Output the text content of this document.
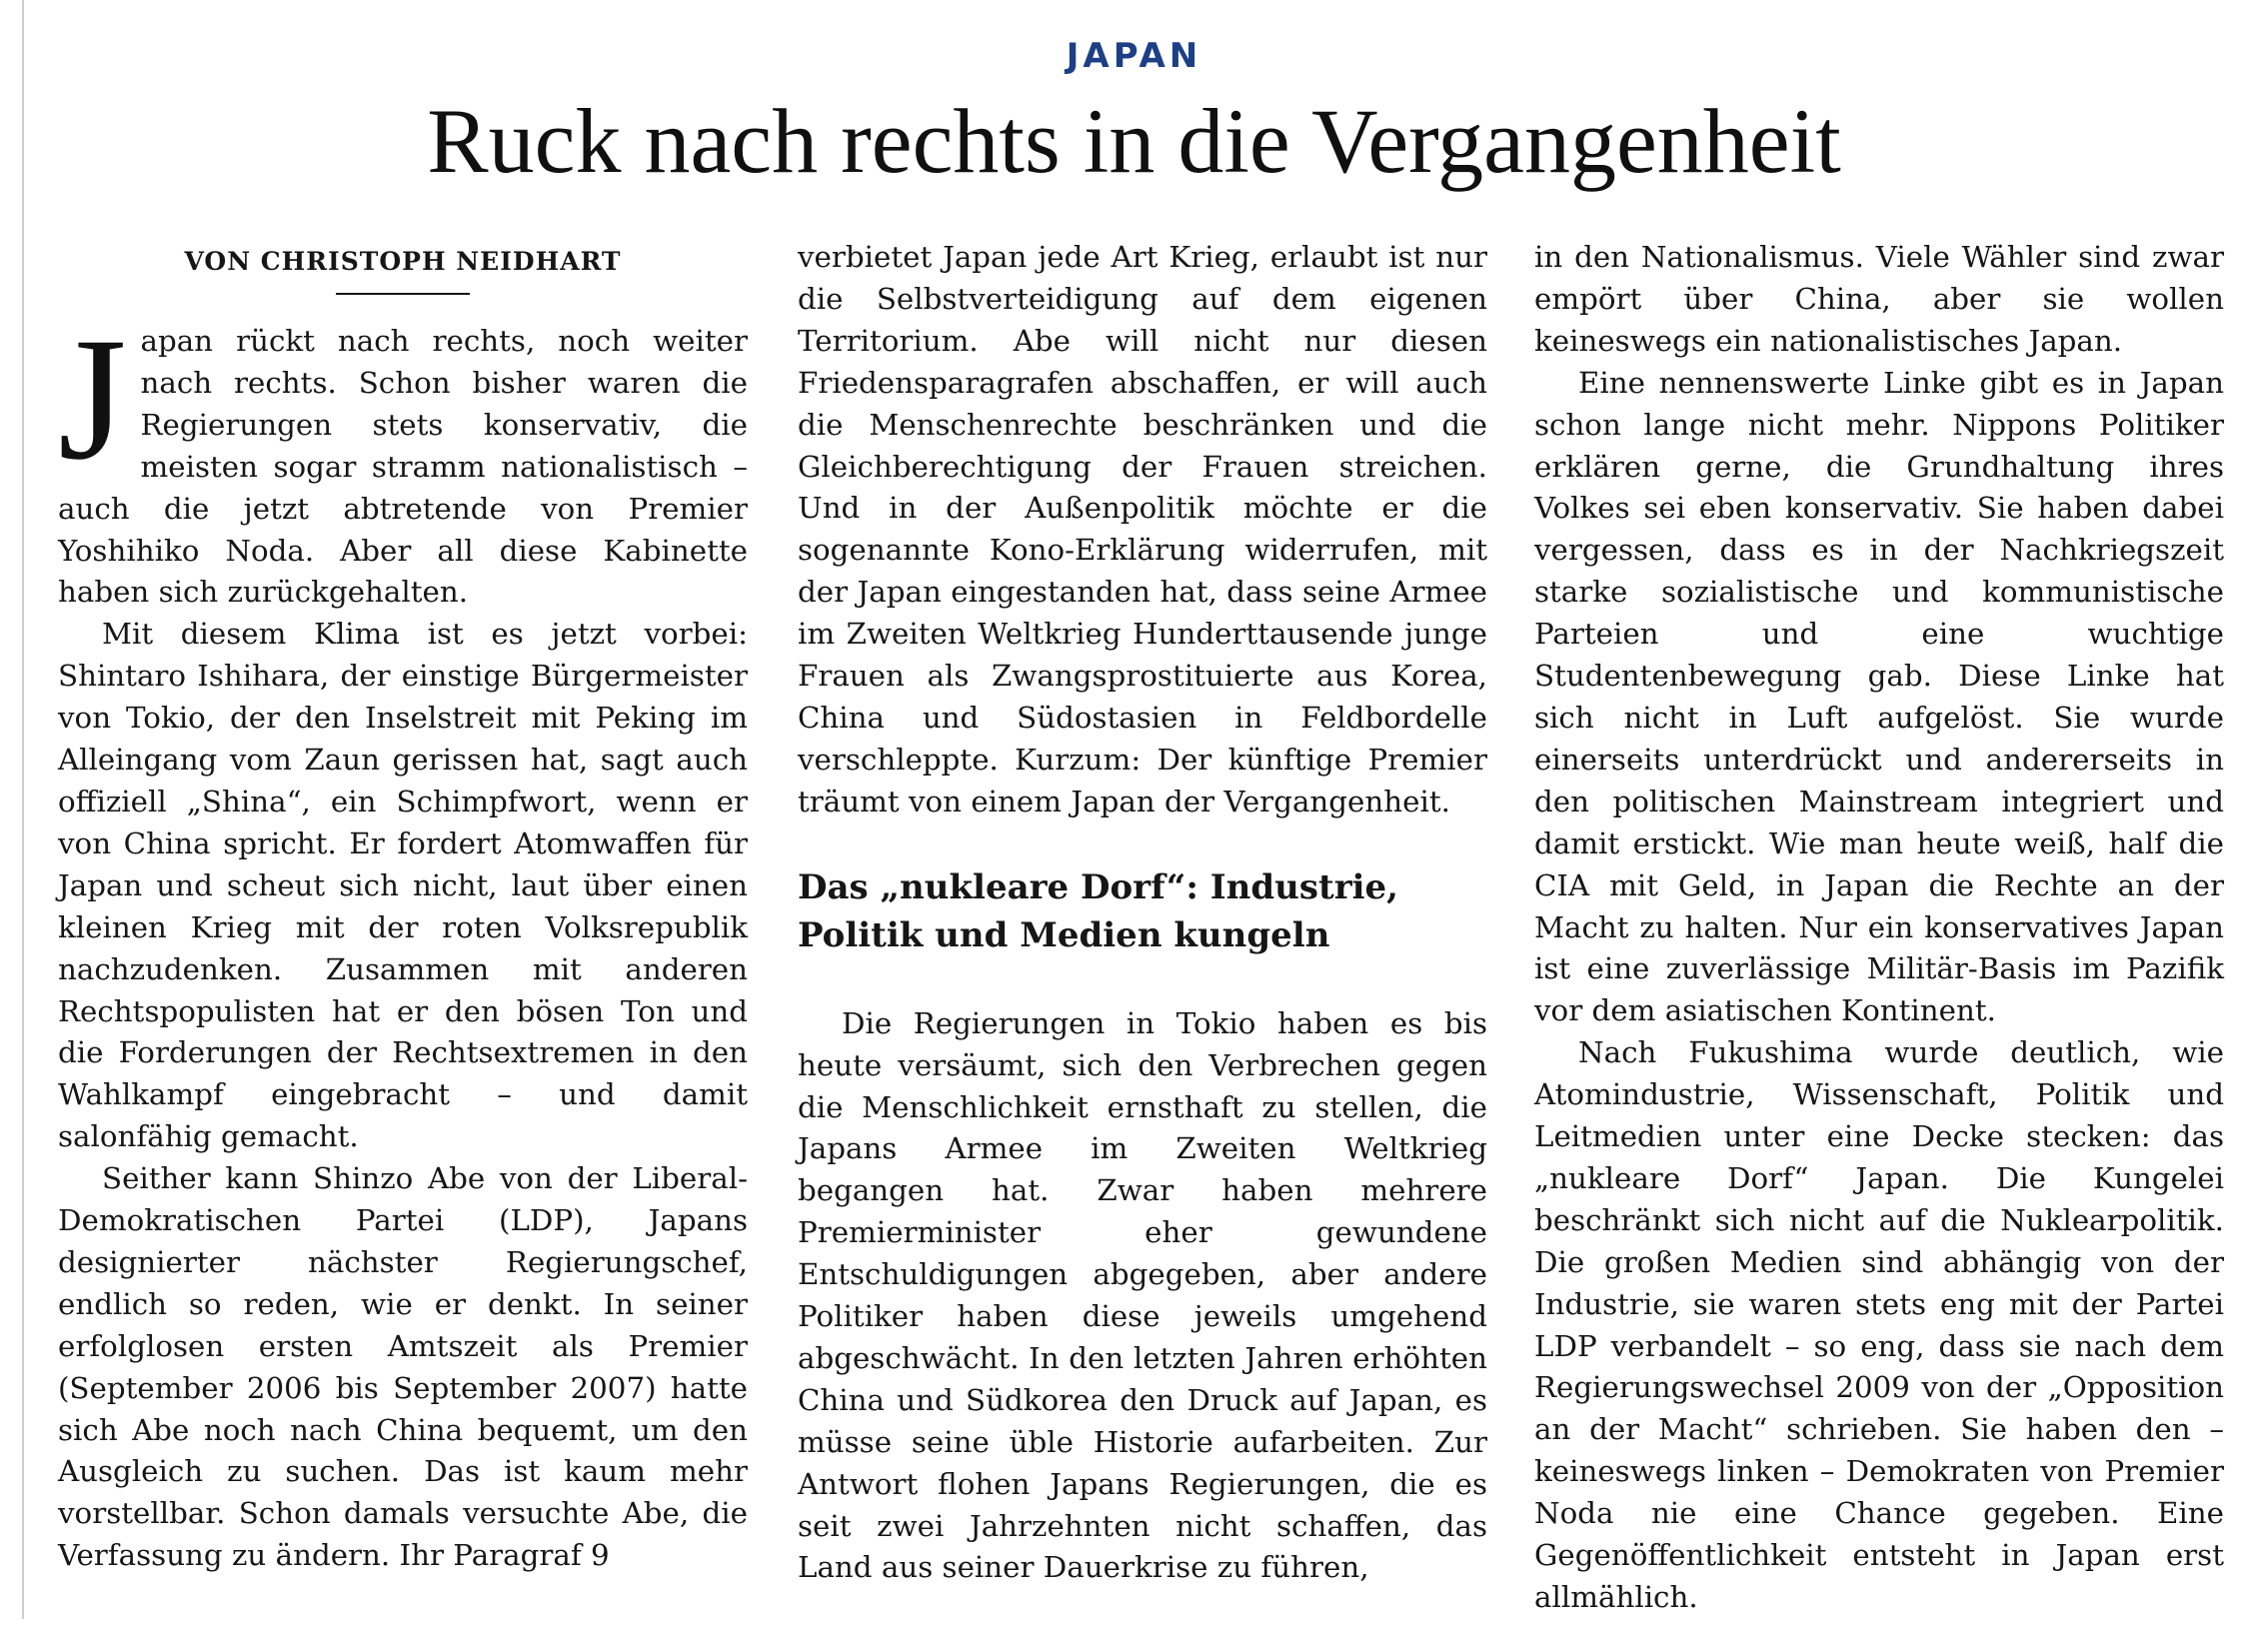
JAPAN
Ruck nach rechts in die Vergangenheit
VON CHRISTOPH NEIDHART

Japan rückt nach rechts, noch weiter nach rechts. Schon bisher waren die Regierungen stets konservativ, die meisten sogar stramm nationalistisch – auch die jetzt abtretende von Premier Yoshihiko Noda. Aber all diese Kabinette haben sich zurückgehalten.

Mit diesem Klima ist es jetzt vorbei: Shintaro Ishihara, der einstige Bürgermeister von Tokio, der den Inselstreit mit Peking im Alleingang vom Zaun gerissen hat, sagt auch offiziell „Shina“, ein Schimpfwort, wenn er von China spricht. Er fordert Atomwaffen für Japan und scheut sich nicht, laut über einen kleinen Krieg mit der roten Volksrepublik nachzudenken. Zusammen mit anderen Rechtspopulisten hat er den bösen Ton und die Forderungen der Rechtsextremen in den Wahlkampf eingebracht – und damit salonfähig gemacht.

Seither kann Shinzo Abe von der Liberal-Demokratischen Partei (LDP), Japans designierter nächster Regierungschef, endlich so reden, wie er denkt. In seiner erfolglosen ersten Amtszeit als Premier (September 2006 bis September 2007) hatte sich Abe noch nach China bequemt, um den Ausgleich zu suchen. Das ist kaum mehr vorstellbar. Schon damals versuchte Abe, die Verfassung zu ändern. Ihr Paragraf 9

verbietet Japan jede Art Krieg, erlaubt ist nur die Selbstverteidigung auf dem eigenen Territorium. Abe will nicht nur diesen Friedensparagrafen abschaffen, er will auch die Menschenrechte beschränken und die Gleichberechtigung der Frauen streichen. Und in der Außenpolitik möchte er die sogenannte Kono-Erklärung widerrufen, mit der Japan eingestanden hat, dass seine Armee im Zweiten Weltkrieg Hunderttausende junge Frauen als Zwangsprostituierte aus Korea, China und Südostasien in Feldbordelle verschleppte. Kurzum: Der künftige Premier träumt von einem Japan der Vergangenheit.

Das „nukleare Dorf“: Industrie, Politik und Medien kungeln

Die Regierungen in Tokio haben es bis heute versäumt, sich den Verbrechen gegen die Menschlichkeit ernsthaft zu stellen, die Japans Armee im Zweiten Weltkrieg begangen hat. Zwar haben mehrere Premierminister eher gewundene Entschuldigungen abgegeben, aber andere Politiker haben diese jeweils umgehend abgeschwächt. In den letzten Jahren erhöhten China und Südkorea den Druck auf Japan, es müsse seine üble Historie aufarbeiten. Zur Antwort flohen Japans Regierungen, die es seit zwei Jahrzehnten nicht schaffen, das Land aus seiner Dauerkrise zu führen,

in den Nationalismus. Viele Wähler sind zwar empört über China, aber sie wollen keineswegs ein nationalistisches Japan.

Eine nennenswerte Linke gibt es in Japan schon lange nicht mehr. Nippons Politiker erklären gerne, die Grundhaltung ihres Volkes sei eben konservativ. Sie haben dabei vergessen, dass es in der Nachkriegszeit starke sozialistische und kommunistische Parteien und eine wuchtige Studentenbewegung gab. Diese Linke hat sich nicht in Luft aufgelöst. Sie wurde einerseits unterdrückt und andererseits in den politischen Mainstream integriert und damit erstickt. Wie man heute weiß, half die CIA mit Geld, in Japan die Rechte an der Macht zu halten. Nur ein konservatives Japan ist eine zuverlässige Militär-Basis im Pazifik vor dem asiatischen Kontinent.

Nach Fukushima wurde deutlich, wie Atomindustrie, Wissenschaft, Politik und Leitmedien unter eine Decke stecken: das „nukleare Dorf“ Japan. Die Kungelei beschränkt sich nicht auf die Nuklearpolitik. Die großen Medien sind abhängig von der Industrie, sie waren stets eng mit der Partei LDP verbandelt – so eng, dass sie nach dem Regierungswechsel 2009 von der „Opposition an der Macht“ schrieben. Sie haben den – keineswegs linken – Demokraten von Premier Noda nie eine Chance gegeben. Eine Gegenöffentlichkeit entsteht in Japan erst allmählich.
